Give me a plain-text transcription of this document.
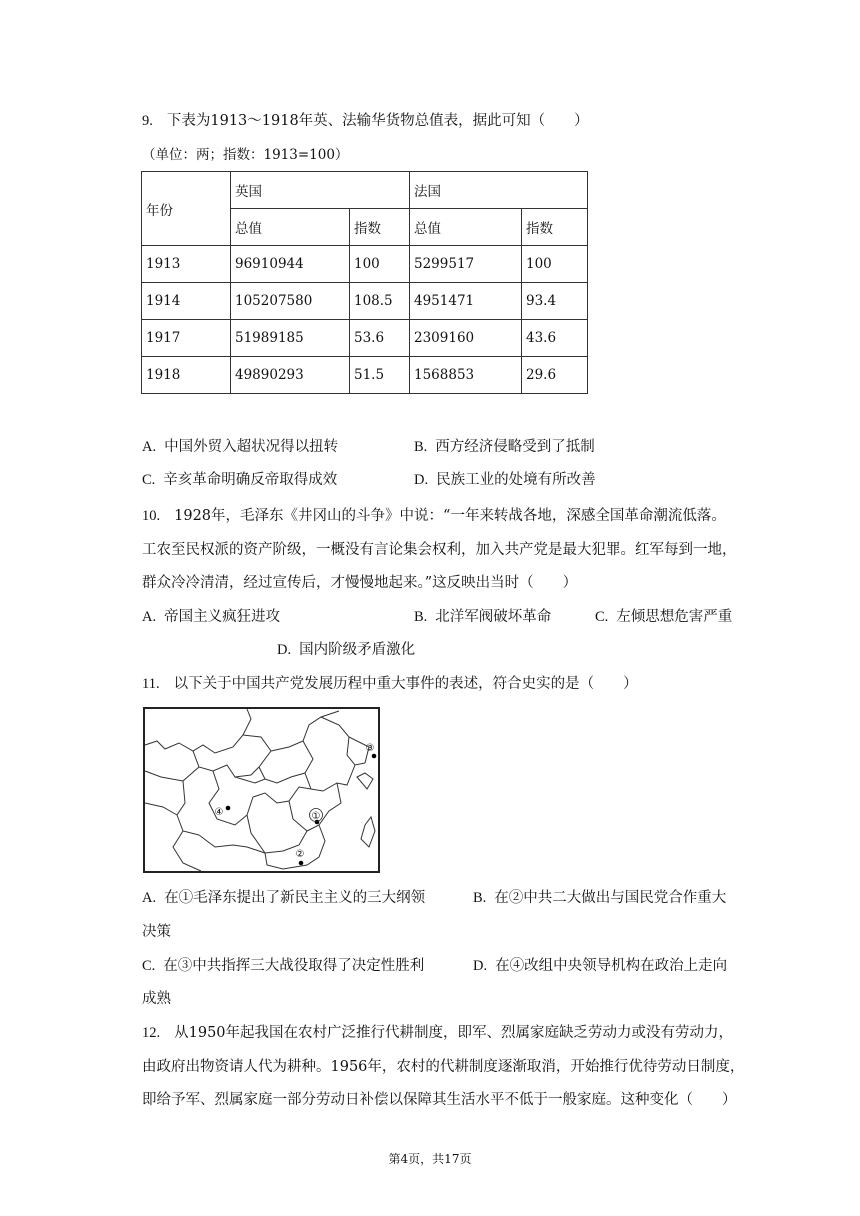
9. 下表为1913～1918年英、法输华货物总值表，据此可知（　　）
（单位：两；指数：1913=100）
年份	英国		法国	
	总值	指数	总值	指数
1913	96910944	100	5299517	100
1914	105207580	108.5	4951471	93.4
1917	51989185	53.6	2309160	43.6
1918	49890293	51.5	1568853	29.6
A. 中国外贸入超状况得以扭转	B. 西方经济侵略受到了抵制
C. 辛亥革命明确反帝取得成效	D. 民族工业的处境有所改善
10. 1928年，毛泽东《井冈山的斗争》中说：“一年来转战各地，深感全国革命潮流低落。
工农至民权派的资产阶级，一概没有言论集会权利，加入共产党是最大犯罪。红军每到一地，
群众冷冷清清，经过宣传后，才慢慢地起来。”这反映出当时（　　）
A. 帝国主义疯狂进攻	B. 北洋军阀破坏革命	C. 左倾思想危害严重
D. 国内阶级矛盾激化
11. 以下关于中国共产党发展历程中重大事件的表述，符合史实的是（　　）
①
②
③
④
A. 在①毛泽东提出了新民主主义的三大纲领	B. 在②中共二大做出与国民党合作重大
决策
C. 在③中共指挥三大战役取得了决定性胜利	D. 在④改组中央领导机构在政治上走向
成熟
12. 从1950年起我国在农村广泛推行代耕制度，即军、烈属家庭缺乏劳动力或没有劳动力，
由政府出物资请人代为耕种。1956年，农村的代耕制度逐渐取消，开始推行优待劳动日制度，
即给予军、烈属家庭一部分劳动日补偿以保障其生活水平不低于一般家庭。这种变化（　　）
第4页，共17页
